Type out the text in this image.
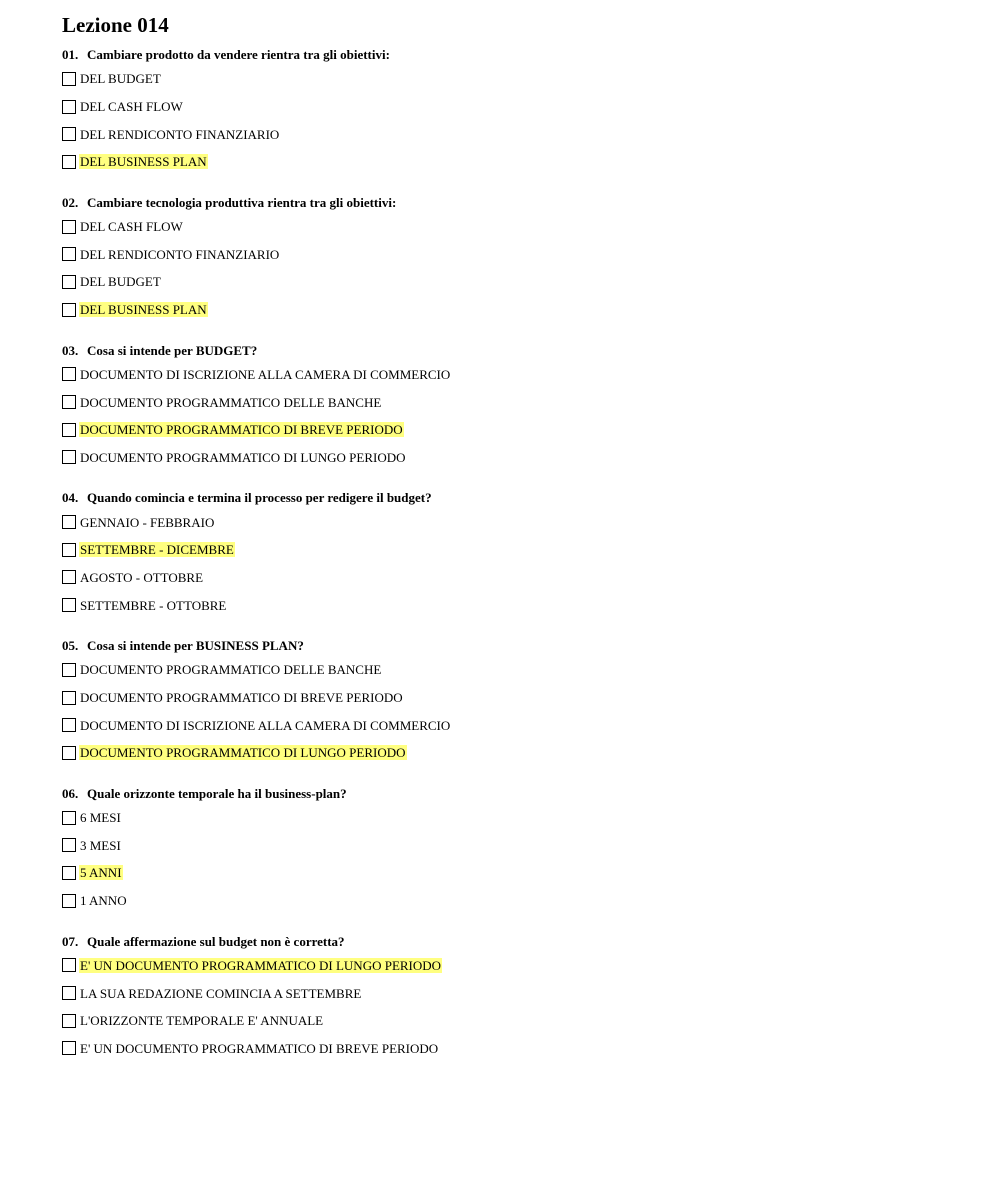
Lezione 014
01. Cambiare prodotto da vendere rientra tra gli obiettivi:
DEL BUDGET
DEL CASH FLOW
DEL RENDICONTO FINANZIARIO
DEL BUSINESS PLAN
02. Cambiare tecnologia produttiva rientra tra gli obiettivi:
DEL CASH FLOW
DEL RENDICONTO FINANZIARIO
DEL BUDGET
DEL BUSINESS PLAN
03. Cosa si intende per BUDGET?
DOCUMENTO DI ISCRIZIONE ALLA CAMERA DI COMMERCIO
DOCUMENTO PROGRAMMATICO DELLE BANCHE
DOCUMENTO PROGRAMMATICO DI BREVE PERIODO
DOCUMENTO PROGRAMMATICO DI LUNGO PERIODO
04. Quando comincia e termina il processo per redigere il budget?
GENNAIO - FEBBRAIO
SETTEMBRE - DICEMBRE
AGOSTO - OTTOBRE
SETTEMBRE - OTTOBRE
05. Cosa si intende per BUSINESS PLAN?
DOCUMENTO PROGRAMMATICO DELLE BANCHE
DOCUMENTO PROGRAMMATICO DI BREVE PERIODO
DOCUMENTO DI ISCRIZIONE ALLA CAMERA DI COMMERCIO
DOCUMENTO PROGRAMMATICO DI LUNGO PERIODO
06. Quale orizzonte temporale ha il business-plan?
6 MESI
3 MESI
5 ANNI
1 ANNO
07. Quale affermazione sul budget non è corretta?
E' UN DOCUMENTO PROGRAMMATICO DI LUNGO PERIODO
LA SUA REDAZIONE COMINCIA A SETTEMBRE
L'ORIZZONTE TEMPORALE E' ANNUALE
E' UN DOCUMENTO PROGRAMMATICO DI BREVE PERIODO
